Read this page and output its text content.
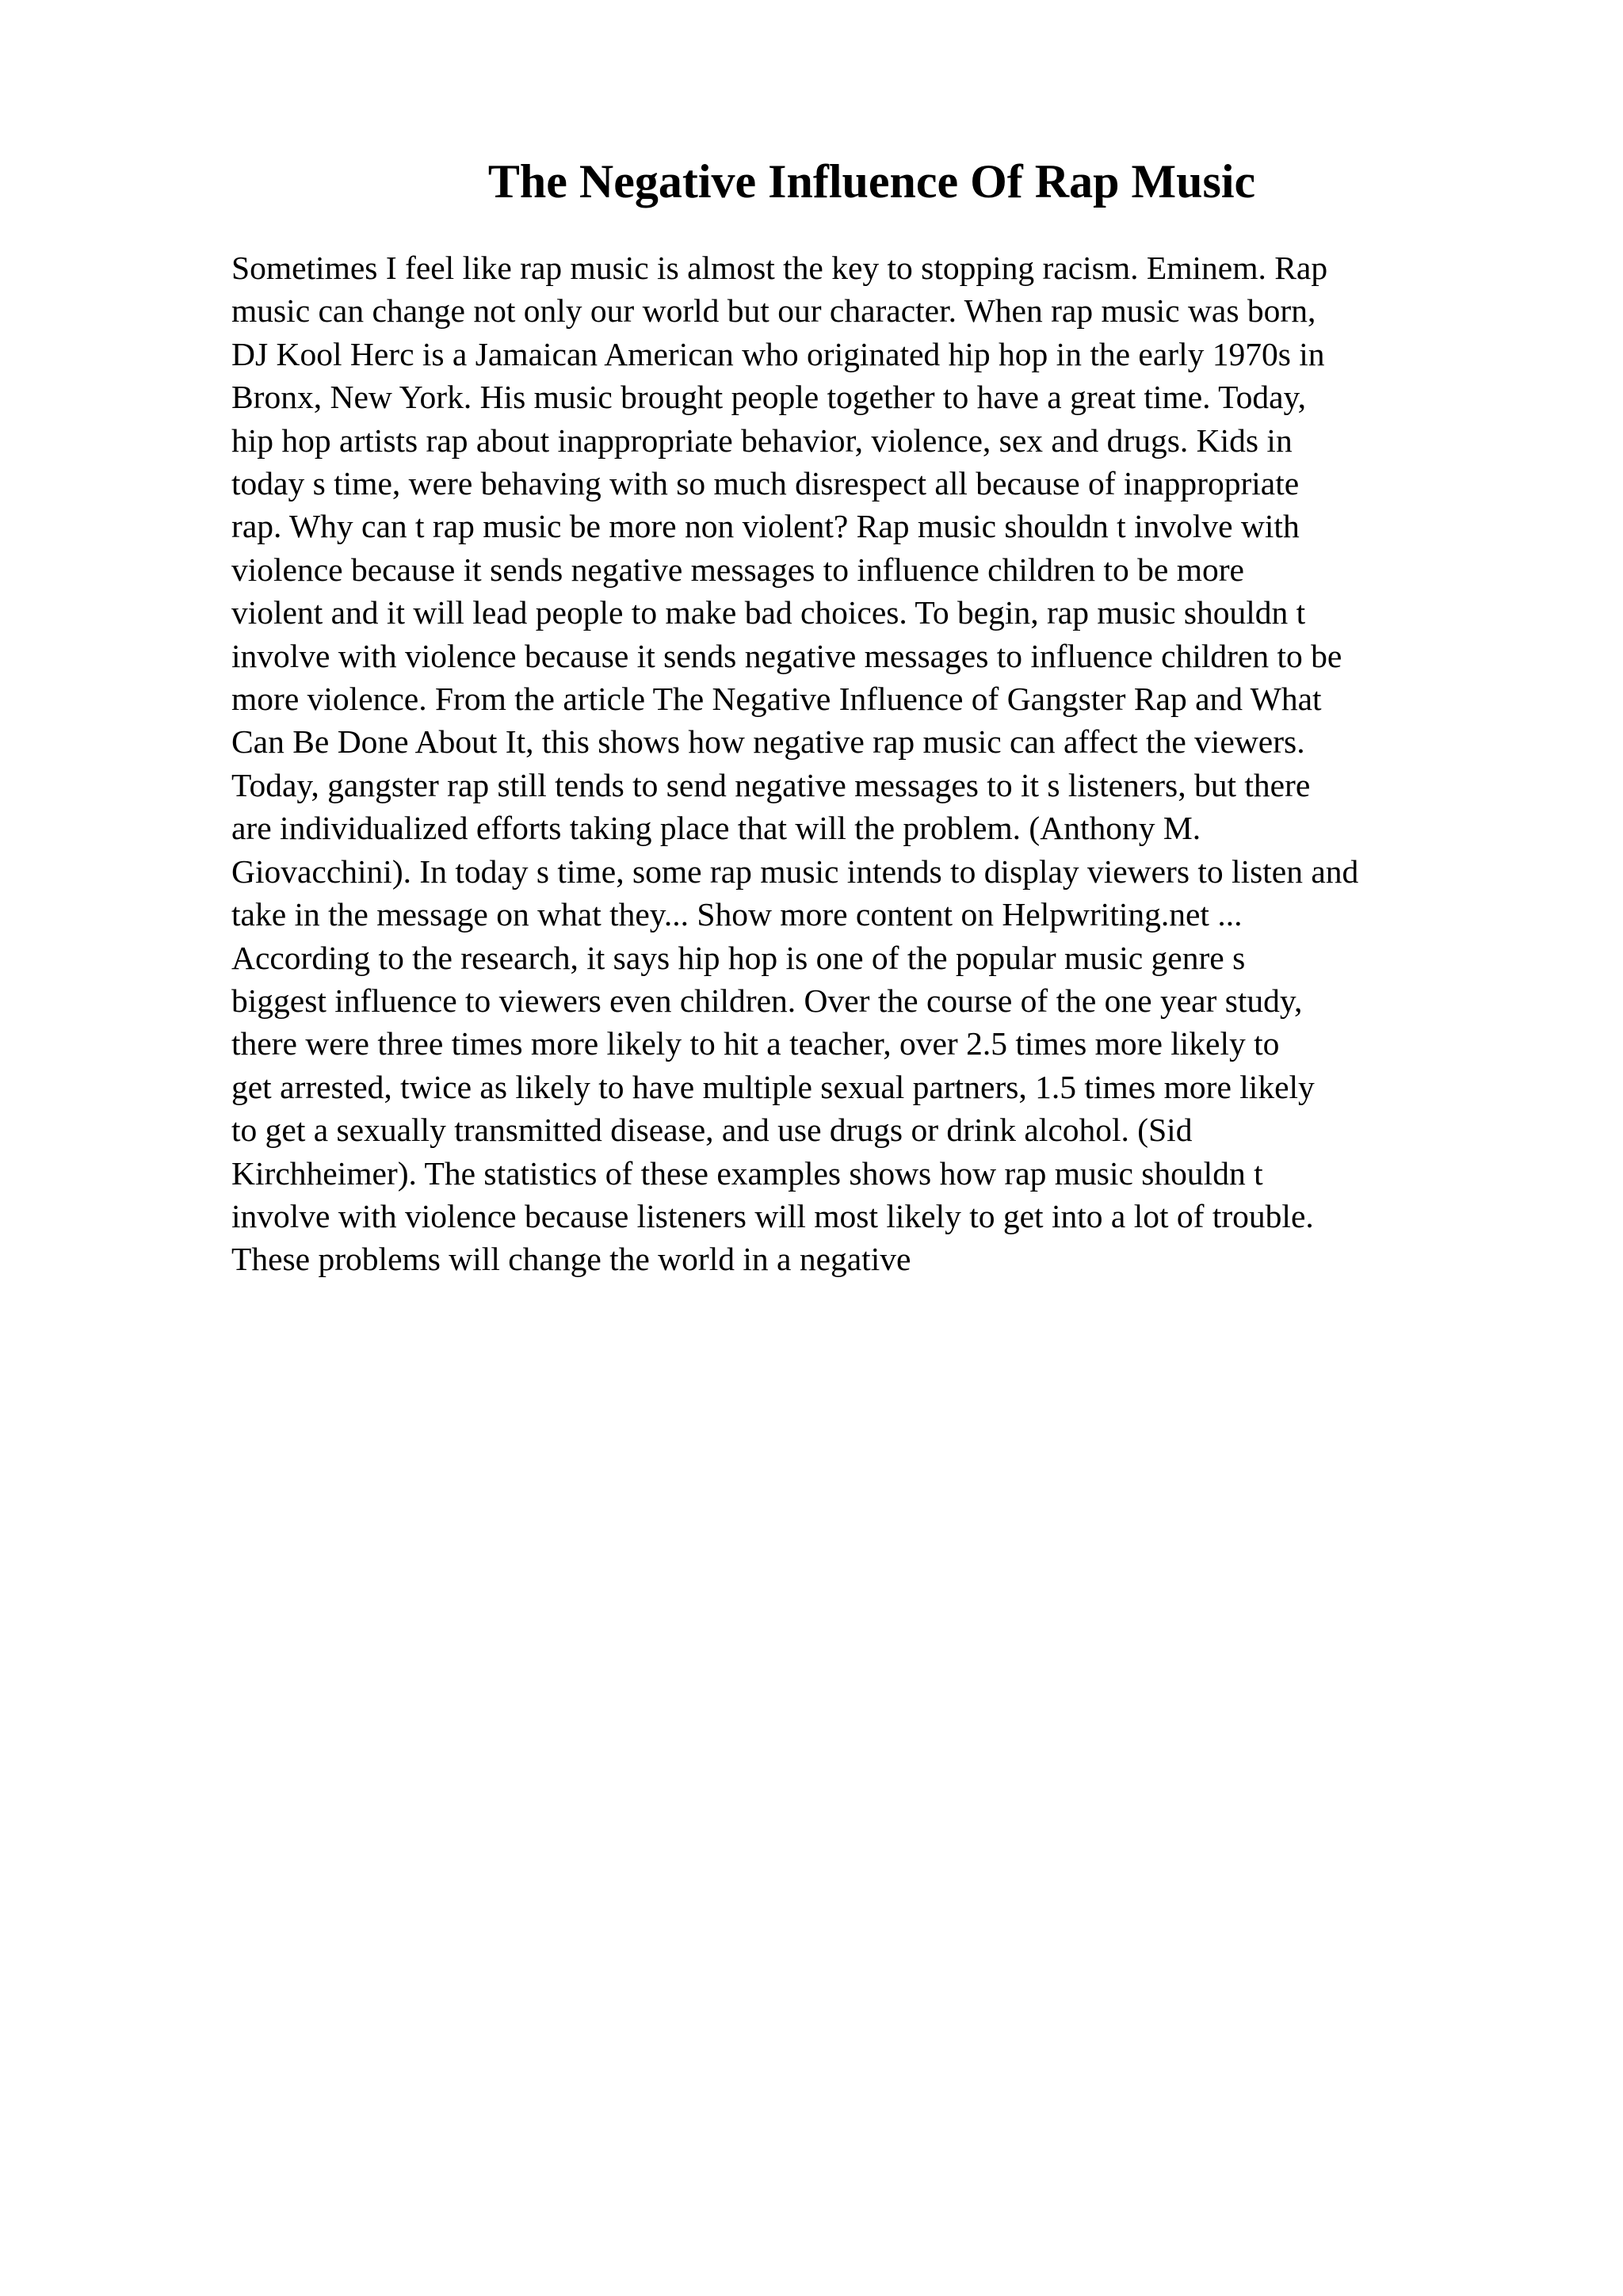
The Negative Influence Of Rap Music
Sometimes I feel like rap music is almost the key to stopping racism. Eminem. Rap
music can change not only our world but our character. When rap music was born,
DJ Kool Herc is a Jamaican American who originated hip hop in the early 1970s in
Bronx, New York. His music brought people together to have a great time. Today,
hip hop artists rap about inappropriate behavior, violence, sex and drugs. Kids in
today s time, were behaving with so much disrespect all because of inappropriate
rap. Why can t rap music be more non violent? Rap music shouldn t involve with
violence because it sends negative messages to influence children to be more
violent and it will lead people to make bad choices. To begin, rap music shouldn t
involve with violence because it sends negative messages to influence children to be
more violence. From the article The Negative Influence of Gangster Rap and What
Can Be Done About It, this shows how negative rap music can affect the viewers.
Today, gangster rap still tends to send negative messages to it s listeners, but there
are individualized efforts taking place that will the problem. (Anthony M.
Giovacchini). In today s time, some rap music intends to display viewers to listen and
take in the message on what they... Show more content on Helpwriting.net ...
According to the research, it says hip hop is one of the popular music genre s
biggest influence to viewers even children. Over the course of the one year study,
there were three times more likely to hit a teacher, over 2.5 times more likely to
get arrested, twice as likely to have multiple sexual partners, 1.5 times more likely
to get a sexually transmitted disease, and use drugs or drink alcohol. (Sid
Kirchheimer). The statistics of these examples shows how rap music shouldn t
involve with violence because listeners will most likely to get into a lot of trouble.
These problems will change the world in a negative
